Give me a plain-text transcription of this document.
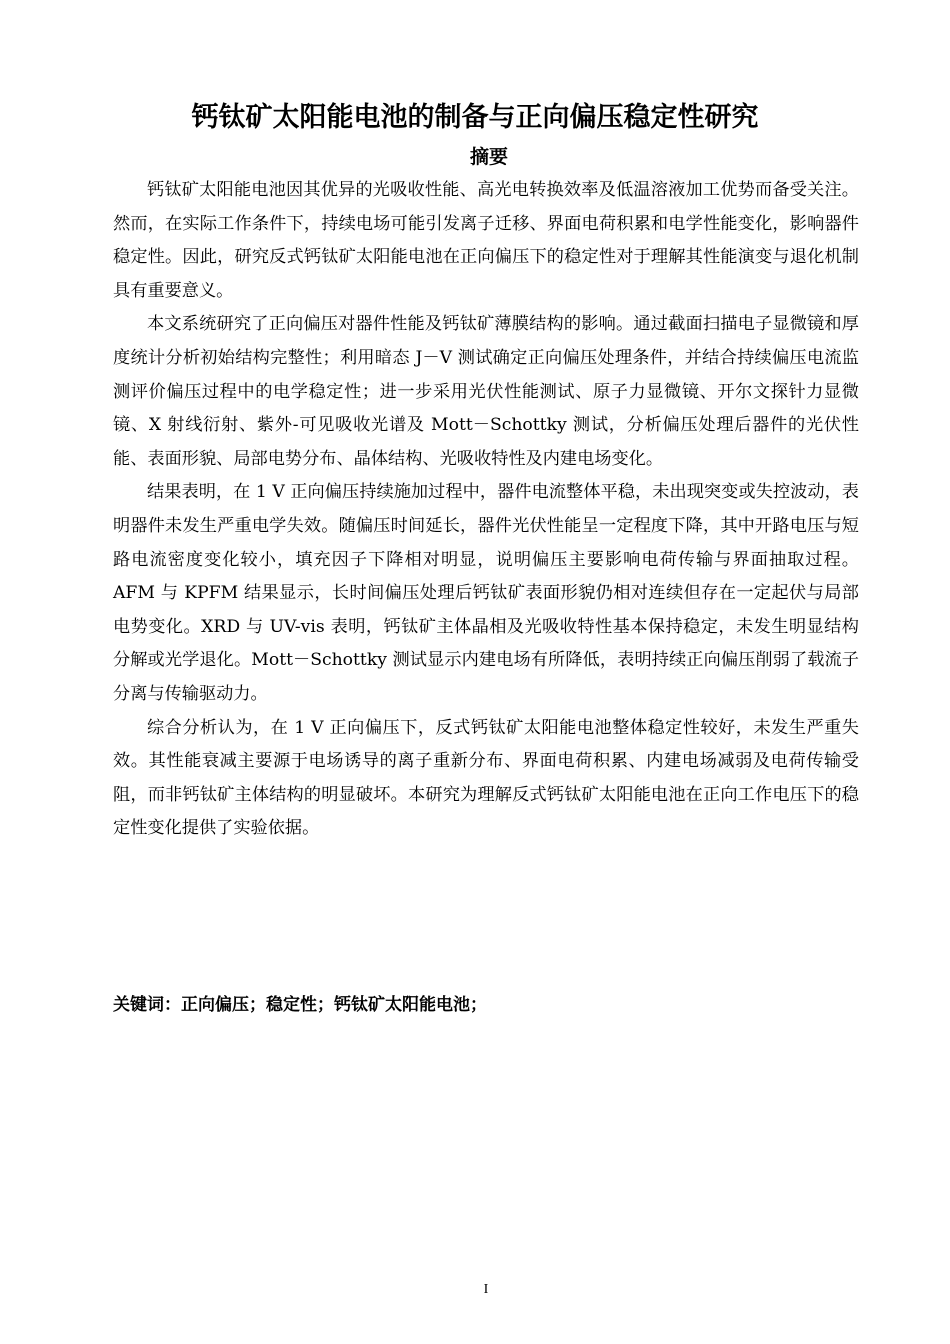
钙钛矿太阳能电池的制备与正向偏压稳定性研究
摘要

钙钛矿太阳能电池因其优异的光吸收性能、高光电转换效率及低温溶液加工优势而备受关注。然而，在实际工作条件下，持续电场可能引发离子迁移、界面电荷积累和电学性能变化，影响器件稳定性。因此，研究反式钙钛矿太阳能电池在正向偏压下的稳定性对于理解其性能演变与退化机制具有重要意义。

本文系统研究了正向偏压对器件性能及钙钛矿薄膜结构的影响。通过截面扫描电子显微镜和厚度统计分析初始结构完整性；利用暗态 J－V 测试确定正向偏压处理条件，并结合持续偏压电流监测评价偏压过程中的电学稳定性；进一步采用光伏性能测试、原子力显微镜、开尔文探针力显微镜、X 射线衍射、紫外-可见吸收光谱及 Mott－Schottky 测试，分析偏压处理后器件的光伏性能、表面形貌、局部电势分布、晶体结构、光吸收特性及内建电场变化。

结果表明，在 1 V 正向偏压持续施加过程中，器件电流整体平稳，未出现突变或失控波动，表明器件未发生严重电学失效。随偏压时间延长，器件光伏性能呈一定程度下降，其中开路电压与短路电流密度变化较小，填充因子下降相对明显，说明偏压主要影响电荷传输与界面抽取过程。AFM 与 KPFM 结果显示，长时间偏压处理后钙钛矿表面形貌仍相对连续但存在一定起伏与局部电势变化。XRD 与 UV-vis 表明，钙钛矿主体晶相及光吸收特性基本保持稳定，未发生明显结构分解或光学退化。Mott－Schottky 测试显示内建电场有所降低，表明持续正向偏压削弱了载流子分离与传输驱动力。

综合分析认为，在 1 V 正向偏压下，反式钙钛矿太阳能电池整体稳定性较好，未发生严重失效。其性能衰减主要源于电场诱导的离子重新分布、界面电荷积累、内建电场减弱及电荷传输受阻，而非钙钛矿主体结构的明显破坏。本研究为理解反式钙钛矿太阳能电池在正向工作电压下的稳定性变化提供了实验依据。

关键词：正向偏压；稳定性；钙钛矿太阳能电池；

I
